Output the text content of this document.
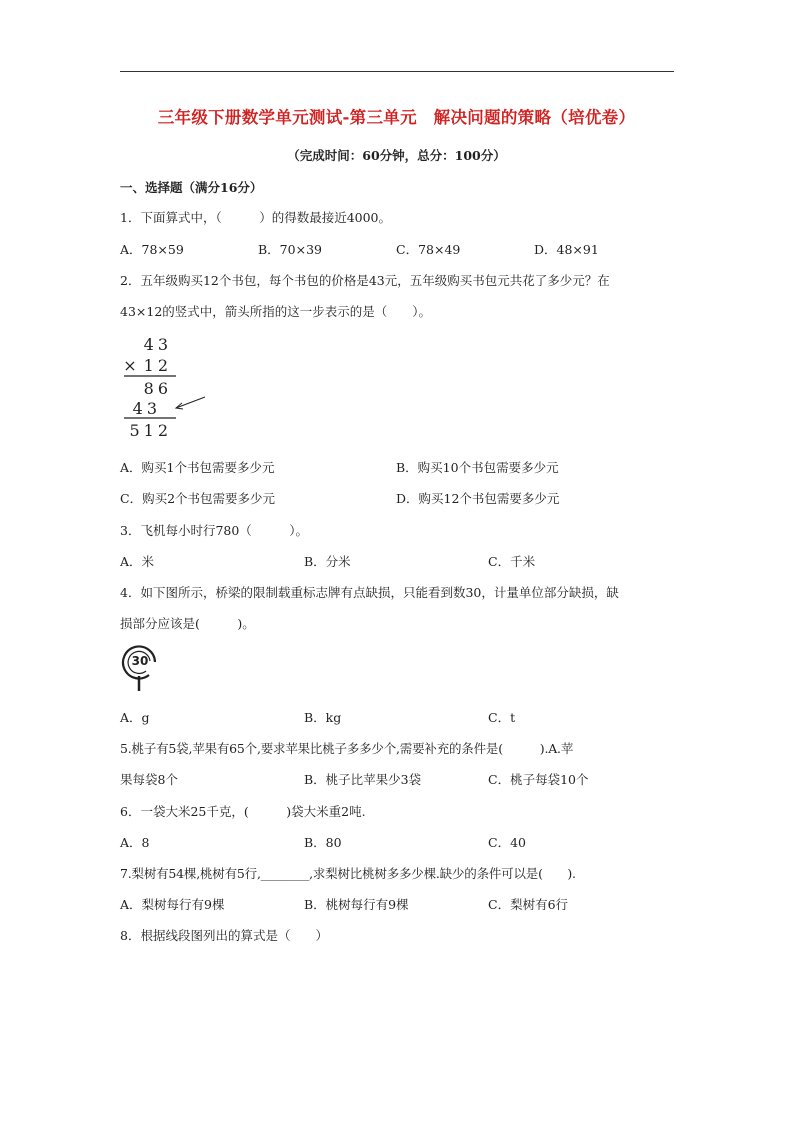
三年级下册数学单元测试-第三单元　解决问题的策略（培优卷）
（完成时间：60分钟，总分：100分）
一、选择题（满分16分）
1．下面算式中，（　　　）的得数最接近4000。
A．78×59	B．70×39	C．78×49	D．48×91
2．五年级购买12个书包，每个书包的价格是43元，五年级购买书包元共花了多少元？在
43×12的竖式中，箭头所指的这一步表示的是（　　）。
43
× 12
86
43
512
A．购买1个书包需要多少元	B．购买10个书包需要多少元
C．购买2个书包需要多少元	D．购买12个书包需要多少元
3．飞机每小时行780（　　　）。
A．米	B．分米	C．千米
4．如下图所示，桥梁的限制载重标志牌有点缺损，只能看到数30，计量单位部分缺损，缺
损部分应该是(　　　)。
30
A．g	B．kg	C．t
5.桃子有5袋,苹果有65个,要求苹果比桃子多多少个,需要补充的条件是(　　　).A.苹
果每袋8个	B．桃子比苹果少3袋	C．桃子每袋10个
6．一袋大米25千克，(　　　)袋大米重2吨.
A．8	B．80	C．40
7.梨树有54棵,桃树有5行,________,求梨树比桃树多多少棵.缺少的条件可以是(　　).
A．梨树每行有9棵	B．桃树每行有9棵	C．梨树有6行
8．根据线段图列出的算式是（　　）
